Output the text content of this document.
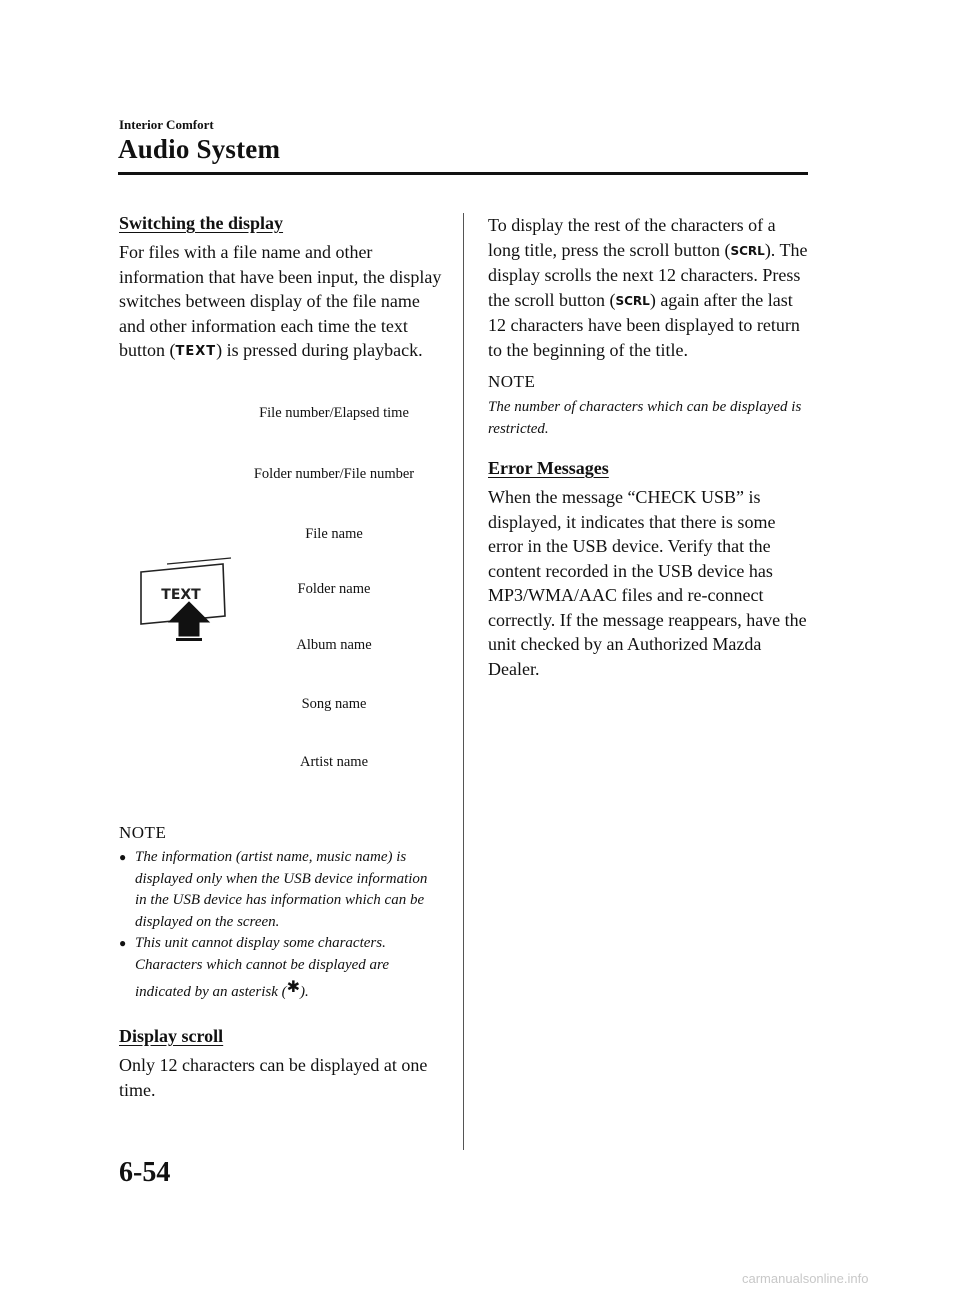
Interior Comfort
Audio System

Switching the display

For files with a file name and other information that have been input, the display switches between display of the file name and other information each time the text button (TEXT) is pressed during playback.

File number/Elapsed time
Folder number/File number
File name
Folder name
Album name
Song name
Artist name
TEXT

NOTE

● The information (artist name, music name) is displayed only when the USB device information in the USB device has information which can be displayed on the screen.
● This unit cannot display some characters. Characters which cannot be displayed are indicated by an asterisk (✱).

Display scroll

Only 12 characters can be displayed at one time.

To display the rest of the characters of a long title, press the scroll button (SCRL). The display scrolls the next 12 characters. Press the scroll button (SCRL) again after the last 12 characters have been displayed to return to the beginning of the title.

NOTE

The number of characters which can be displayed is restricted.

Error Messages

When the message “CHECK USB” is displayed, it indicates that there is some error in the USB device. Verify that the content recorded in the USB device has MP3/WMA/AAC files and re-connect correctly. If the message reappears, have the unit checked by an Authorized Mazda Dealer.

6-54
carmanualsonline.info
